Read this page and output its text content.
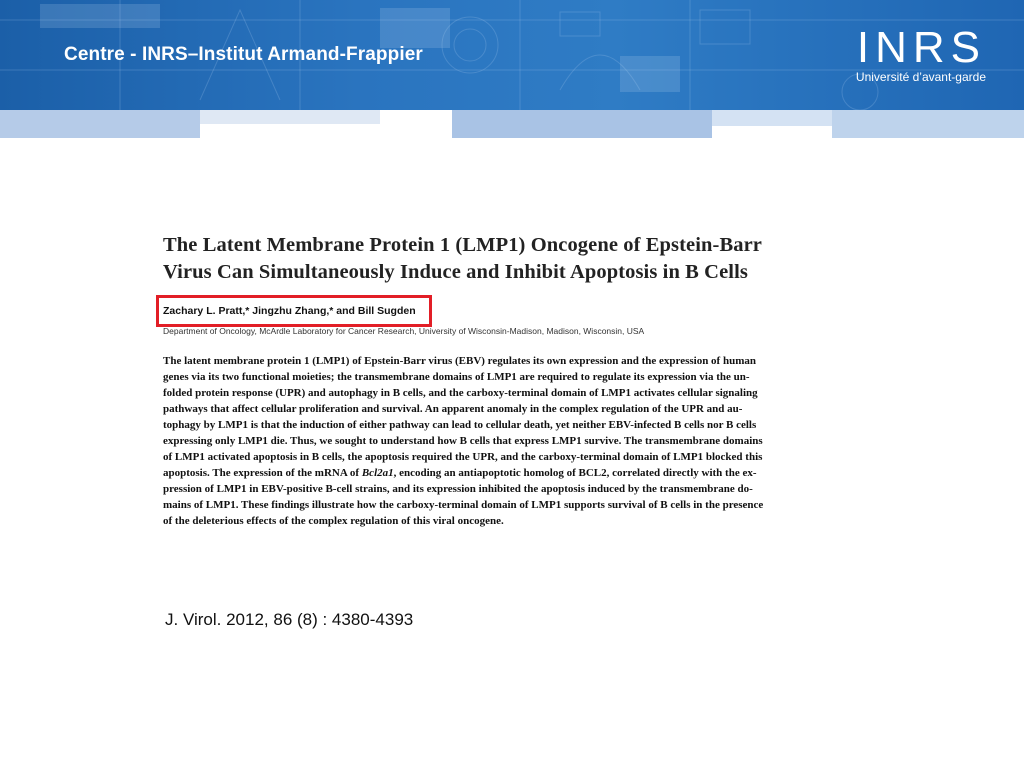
Centre - INRS–Institut Armand-Frappier	INRS
Université d’avant-garde
The Latent Membrane Protein 1 (LMP1) Oncogene of Epstein-Barr
Virus Can Simultaneously Induce and Inhibit Apoptosis in B Cells
Zachary L. Pratt,* Jingzhu Zhang,* and Bill Sugden
Department of Oncology, McArdle Laboratory for Cancer Research, University of Wisconsin-Madison, Madison, Wisconsin, USA
The latent membrane protein 1 (LMP1) of Epstein-Barr virus (EBV) regulates its own expression and the expression of human
genes via its two functional moieties; the transmembrane domains of LMP1 are required to regulate its expression via the un-
folded protein response (UPR) and autophagy in B cells, and the carboxy-terminal domain of LMP1 activates cellular signaling
pathways that affect cellular proliferation and survival. An apparent anomaly in the complex regulation of the UPR and au-
tophagy by LMP1 is that the induction of either pathway can lead to cellular death, yet neither EBV-infected B cells nor B cells
expressing only LMP1 die. Thus, we sought to understand how B cells that express LMP1 survive. The transmembrane domains
of LMP1 activated apoptosis in B cells, the apoptosis required the UPR, and the carboxy-terminal domain of LMP1 blocked this
apoptosis. The expression of the mRNA of Bcl2a1, encoding an antiapoptotic homolog of BCL2, correlated directly with the ex-
pression of LMP1 in EBV-positive B-cell strains, and its expression inhibited the apoptosis induced by the transmembrane do-
mains of LMP1. These findings illustrate how the carboxy-terminal domain of LMP1 supports survival of B cells in the presence
of the deleterious effects of the complex regulation of this viral oncogene.
J. Virol. 2012, 86 (8) : 4380-4393
